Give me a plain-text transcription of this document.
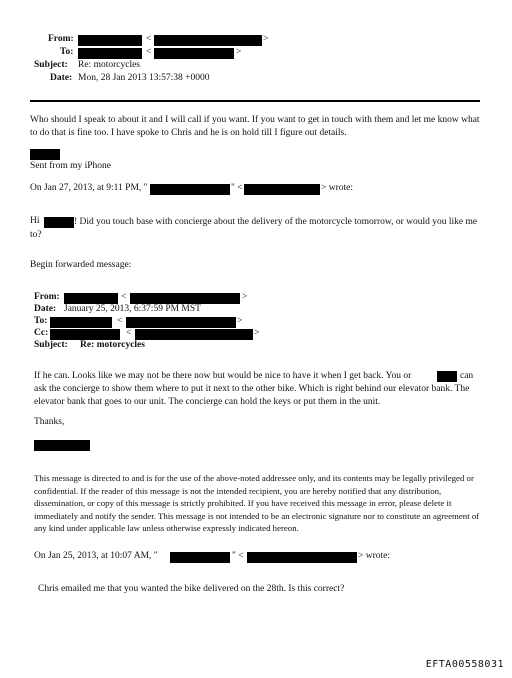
From:	<	>
To:	<	>
Subject: Re: motorcycles
Date: Mon, 28 Jan 2013 13:57:38 +0000
Who should I speak to about it and I will call if you want. If you want to get in touch with them and let me know what to do that is fine too. I have spoke to Chris and he is on hold till I figure out details.
Sent from my iPhone
On Jan 27, 2013, at 9:11 PM, "	" <	> wrote:
Hi	! Did you touch base with concierge about the delivery of the motorcycle tomorrow, or would you like me to?
Begin forwarded message:
From:	<	>
Date: January 25, 2013, 6:37:59 PM MST
To:	<	>
Cc:	<	>
Subject: Re: motorcycles
If he can. Looks like we may not be there now but would be nice to have it when I get back. You or	can ask the concierge to show them where to put it next to the other bike. Which is right behind our elevator bank. The elevator bank that goes to our unit. The concierge can hold the keys or put them in the unit.
Thanks,
This message is directed to and is for the use of the above-noted addressee only, and its contents may be legally privileged or confidential. If the reader of this message is not the intended recipient, you are hereby notified that any distribution, dissemination, or copy of this message is strictly prohibited. If you have received this message in error, please delete it immediately and notify the sender. This message is not intended to be an electronic signature nor to constitute an agreement of any kind under applicable law unless otherwise expressly indicated hereon.
On Jan 25, 2013, at 10:07 AM, "	" <	> wrote:
Chris emailed me that you wanted the bike delivered on the 28th. Is this correct?
EFTA00558031
